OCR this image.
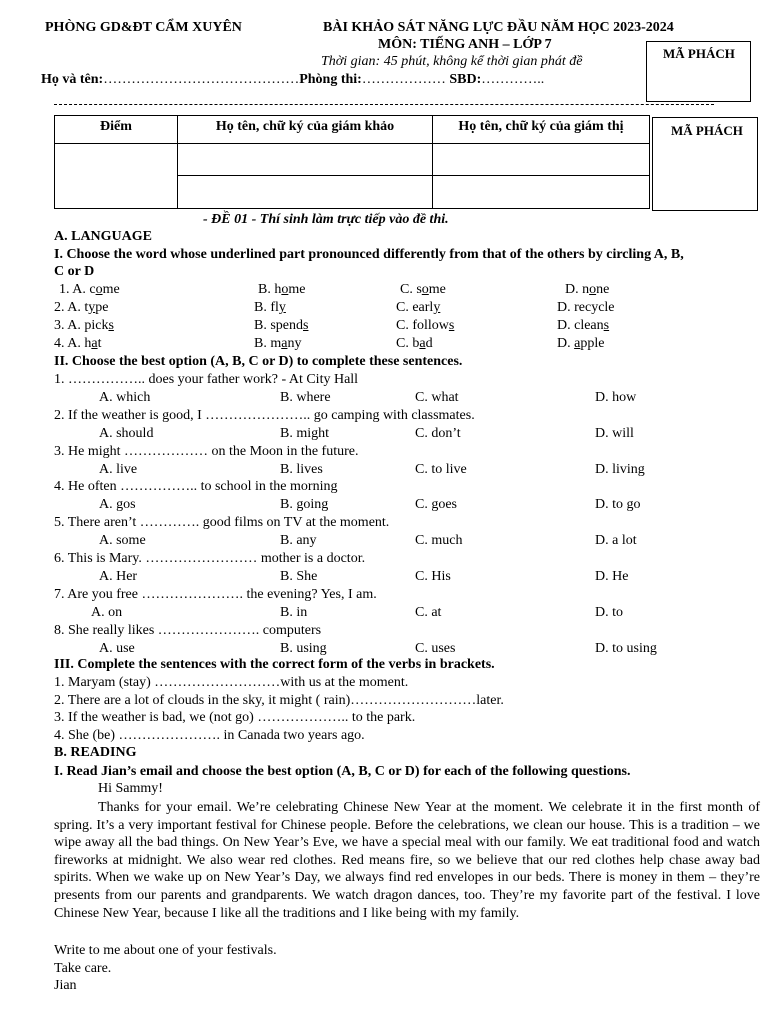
PHÒNG GD&ĐT CẨM XUYÊN	BÀI KHẢO SÁT NĂNG LỰC ĐẦU NĂM HỌC 2023-2024
MÔN: TIẾNG ANH – LỚP 7
Thời gian: 45 phút, không kể thời gian phát đề
MÃ PHÁCH
Họ và tên:……………………………………Phòng thi:……………… SBD:…………..
Điểm	Họ tên, chữ ký của giám khảo	Họ tên, chữ ký của giám thị

		MÃ PHÁCH
- ĐỀ 01 - Thí sinh làm trực tiếp vào đề thi.
A. LANGUAGE
I. Choose the word whose underlined part pronounced differently from that of the others by circling A, B,
C or D
1. A. come	B. home	C. some	D. none
2. A. type	B. fly	C. early	D. recycle
3. A. picks	B. spends	C. follows	D. cleans
4. A. hat	B. many	C. bad	D. apple
II. Choose the best option (A, B, C or D) to complete these sentences.
1. …………….. does your father work? - At City Hall
A. which	B. where	C. what	D. how
2. If the weather is good, I ………………….. go camping with classmates.
A. should	B. might	C. don’t	D. will
3. He might ……………… on the Moon in the future.
A. live	B. lives	C. to live	D. living
4. He often …………….. to school in the morning
A. gos	B. going	C. goes	D. to go
5. There aren’t …………. good films on TV at the moment.
A. some	B. any	C. much	D. a lot
6. This is Mary. …………………… mother is a doctor.
A. Her	B. She	C. His	D. He
7. Are you free …………………. the evening? Yes, I am.
A. on	B. in	C. at	D. to
8. She really likes …………………. computers
A. use	B. using	C. uses	D. to using
III. Complete the sentences with the correct form of the verbs in brackets.
1. Maryam (stay) ………………………with us at the moment.
2. There are a lot of clouds in the sky, it might ( rain)………………………later.
3. If the weather is bad, we (not go) ……………….. to the park.
4. She (be) …………………. in Canada two years ago.
B. READING
I. Read Jian’s email and choose the best option (A, B, C or D) for each of the following questions.
Hi Sammy!
Thanks for your email. We’re celebrating Chinese New Year at the moment. We celebrate it in the first month of spring. It’s a very important festival for Chinese people. Before the celebrations, we clean our house. This is a tradition – we wipe away all the bad things. On New Year’s Eve, we have a special meal with our family. We eat traditional food and watch fireworks at midnight. We also wear red clothes. Red means fire, so we believe that our red clothes help chase away bad spirits. When we wake up on New Year’s Day, we always find red envelopes in our beds. There is money in them – they’re presents from our parents and grandparents. We watch dragon dances, too. They’re my favorite part of the festival. I love Chinese New Year, because I like all the traditions and I like being with my family.
Write to me about one of your festivals.
Take care.
Jian
